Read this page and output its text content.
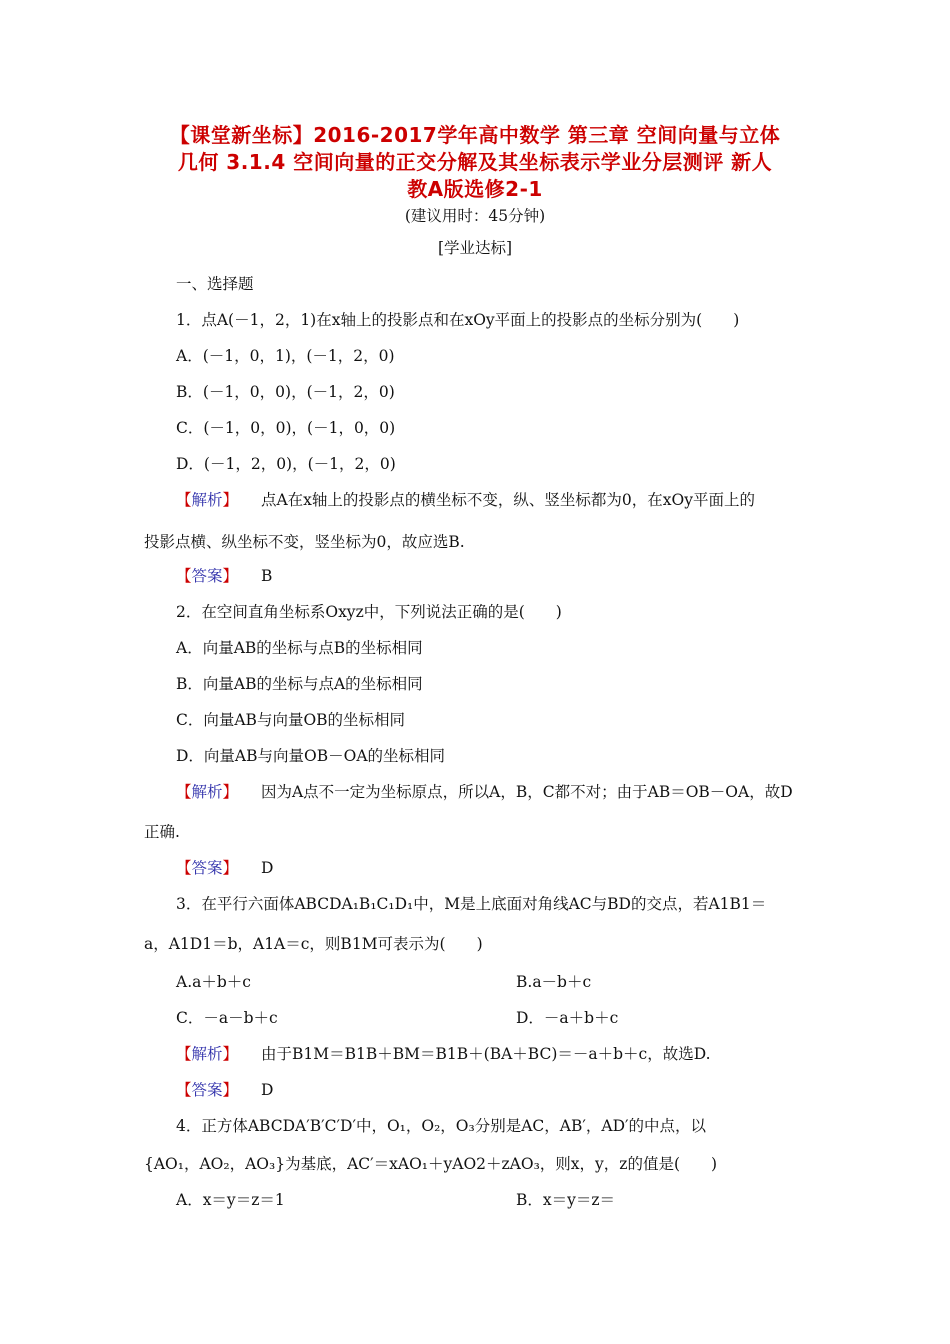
【课堂新坐标】2016-2017学年高中数学 第三章 空间向量与立体
几何 3.1.4 空间向量的正交分解及其坐标表示学业分层测评 新人
教A版选修2-1
(建议用时：45分钟)
[学业达标]
一、选择题
1．点A(－1，2，1)在x轴上的投影点和在xOy平面上的投影点的坐标分别为(　　)
A．(－1，0，1)，(－1，2，0)
B．(－1，0，0)，(－1，2，0)
C．(－1，0，0)，(－1，0，0)
D．(－1，2，0)，(－1，2，0)
【解析】 点A在x轴上的投影点的横坐标不变，纵、竖坐标都为0，在xOy平面上的
投影点横、纵坐标不变，竖坐标为0，故应选B.
【答案】 B
2．在空间直角坐标系Oxyz中，下列说法正确的是(　　)
A．向量AB的坐标与点B的坐标相同
B．向量AB的坐标与点A的坐标相同
C．向量AB与向量OB的坐标相同
D．向量AB与向量OB－OA的坐标相同
【解析】 因为A点不一定为坐标原点，所以A，B，C都不对；由于AB＝OB－OA，故D
正确.
【答案】 D
3．在平行六面体ABCDA₁B₁C₁D₁中，M是上底面对角线AC与BD的交点，若A1B1＝
a，A1D1＝b，A1A＝c，则B1M可表示为(　　)
A.a＋b＋c	B.a－b＋c
C．－a－b＋c	D．－a＋b＋c
【解析】 由于B1M＝B1B＋BM＝B1B＋(BA＋BC)＝－a＋b＋c，故选D.
【答案】 D
4．正方体ABCDA′B′C′D′中，O₁，O₂，O₃分别是AC，AB′，AD′的中点，以
{AO₁，AO₂，AO₃}为基底，AC′＝xAO₁＋yAO2＋zAO₃，则x，y，z的值是(　　)
A．x＝y＝z＝1	B．x＝y＝z＝
